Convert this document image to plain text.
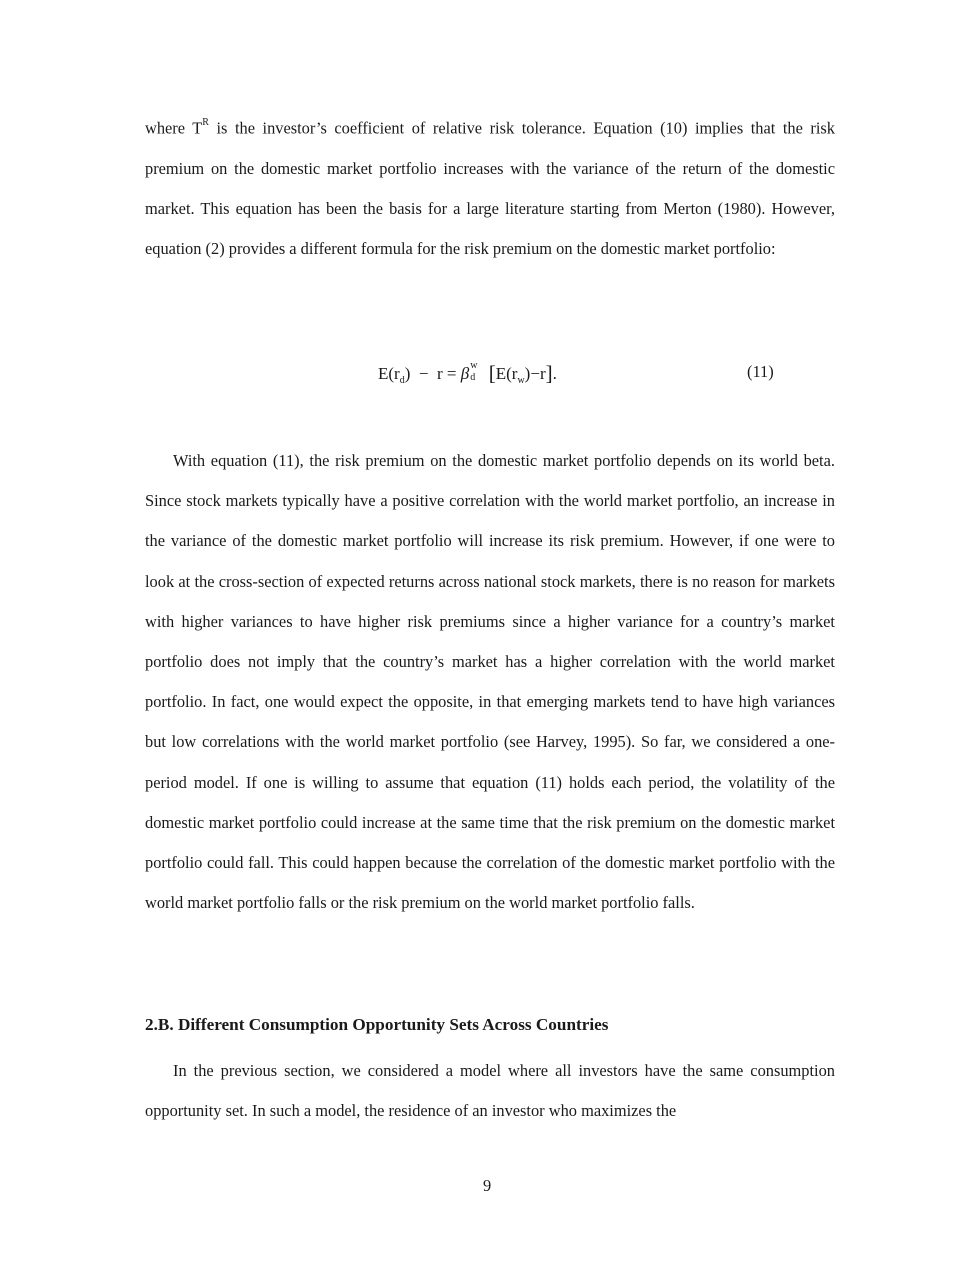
where $T^R$ is the investor’s coefficient of relative risk tolerance. Equation (10) implies that the risk premium on the domestic market portfolio increases with the variance of the return of the domestic market. This equation has been the basis for a large literature starting from Merton (1980). However, equation (2) provides a different formula for the risk premium on the domestic market portfolio:

$E(r_d) - r = \beta$ w
d $[E(r_w)-r]$.	(11)

With equation (11), the risk premium on the domestic market portfolio depends on its world beta. Since stock markets typically have a positive correlation with the world market portfolio, an increase in the variance of the domestic market portfolio will increase its risk premium. However, if one were to look at the cross-section of expected returns across national stock markets, there is no reason for markets with higher variances to have higher risk premiums since a higher variance for a country’s market portfolio does not imply that the country’s market has a higher correlation with the world market portfolio. In fact, one would expect the opposite, in that emerging markets tend to have high variances but low correlations with the world market portfolio (see Harvey, 1995). So far, we considered a one-period model. If one is willing to assume that equation (11) holds each period, the volatility of the domestic market portfolio could increase at the same time that the risk premium on the domestic market portfolio could fall. This could happen because the correlation of the domestic market portfolio with the world market portfolio falls or the risk premium on the world market portfolio falls.

2.B. Different Consumption Opportunity Sets Across Countries

In the previous section, we considered a model where all investors have the same consumption opportunity set. In such a model, the residence of an investor who maximizes the

9
